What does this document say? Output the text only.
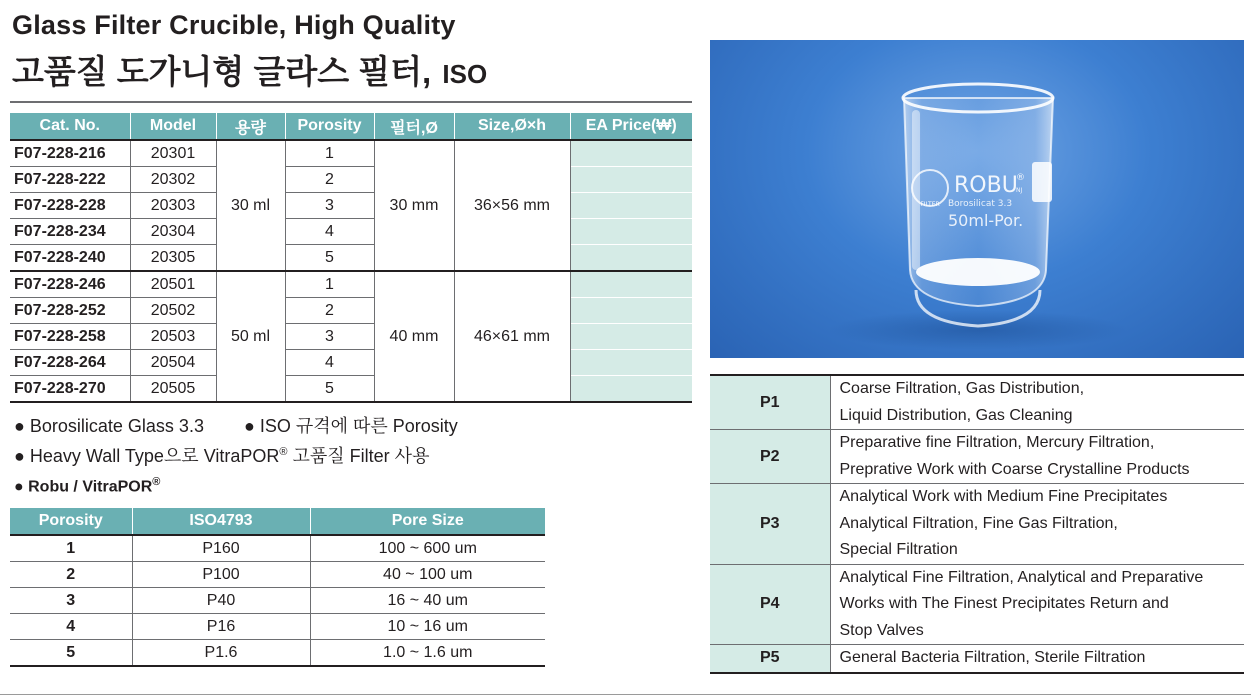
Glass Filter Crucible, High Quality
고품질 도가니형 글라스 필터, ISO
Cat. No.	Model	용량	Porosity	필터,Ø	Size,Ø×h	EA Price(₩)
F07-228-216	20301	30 ml	1	30 mm	36×56 mm	
F07-228-222	20302		2			
F07-228-228	20303		3			
F07-228-234	20304		4			
F07-228-240	20305		5			
F07-228-246	20501	50 ml	1	40 mm	46×61 mm	
F07-228-252	20502		2			
F07-228-258	20503		3			
F07-228-264	20504		4			
F07-228-270	20505		5			
● Borosilicate Glass 3.3 ● ISO 규격에 따른 Porosity
● Heavy Wall Type으로 VitraPOR® 고품질 Filter 사용
● Robu / VitraPOR®
Porosity	ISO4793	Pore Size
1	P160	100 ~ 600 um
2	P100	40 ~ 100 um
3	P40	16 ~ 40 um
4	P16	10 ~ 16 um
5	P1.6	1.0 ~ 1.6 um
FILTER
ROBU
®
NJ
Borosilicat 3.3
50ml-Por.
P1	Coarse Filtration, Gas Distribution,
Liquid Distribution, Gas Cleaning

P2	Preparative fine Filtration, Mercury Filtration,
Preprative Work with Coarse Crystalline Products

P3	Analytical Work with Medium Fine Precipitates
Analytical Filtration, Fine Gas Filtration,
Special Filtration

P4	Analytical Fine Filtration, Analytical and Preparative
Works with The Finest Precipitates Return and
Stop Valves

P5	General Bacteria Filtration, Sterile Filtration
